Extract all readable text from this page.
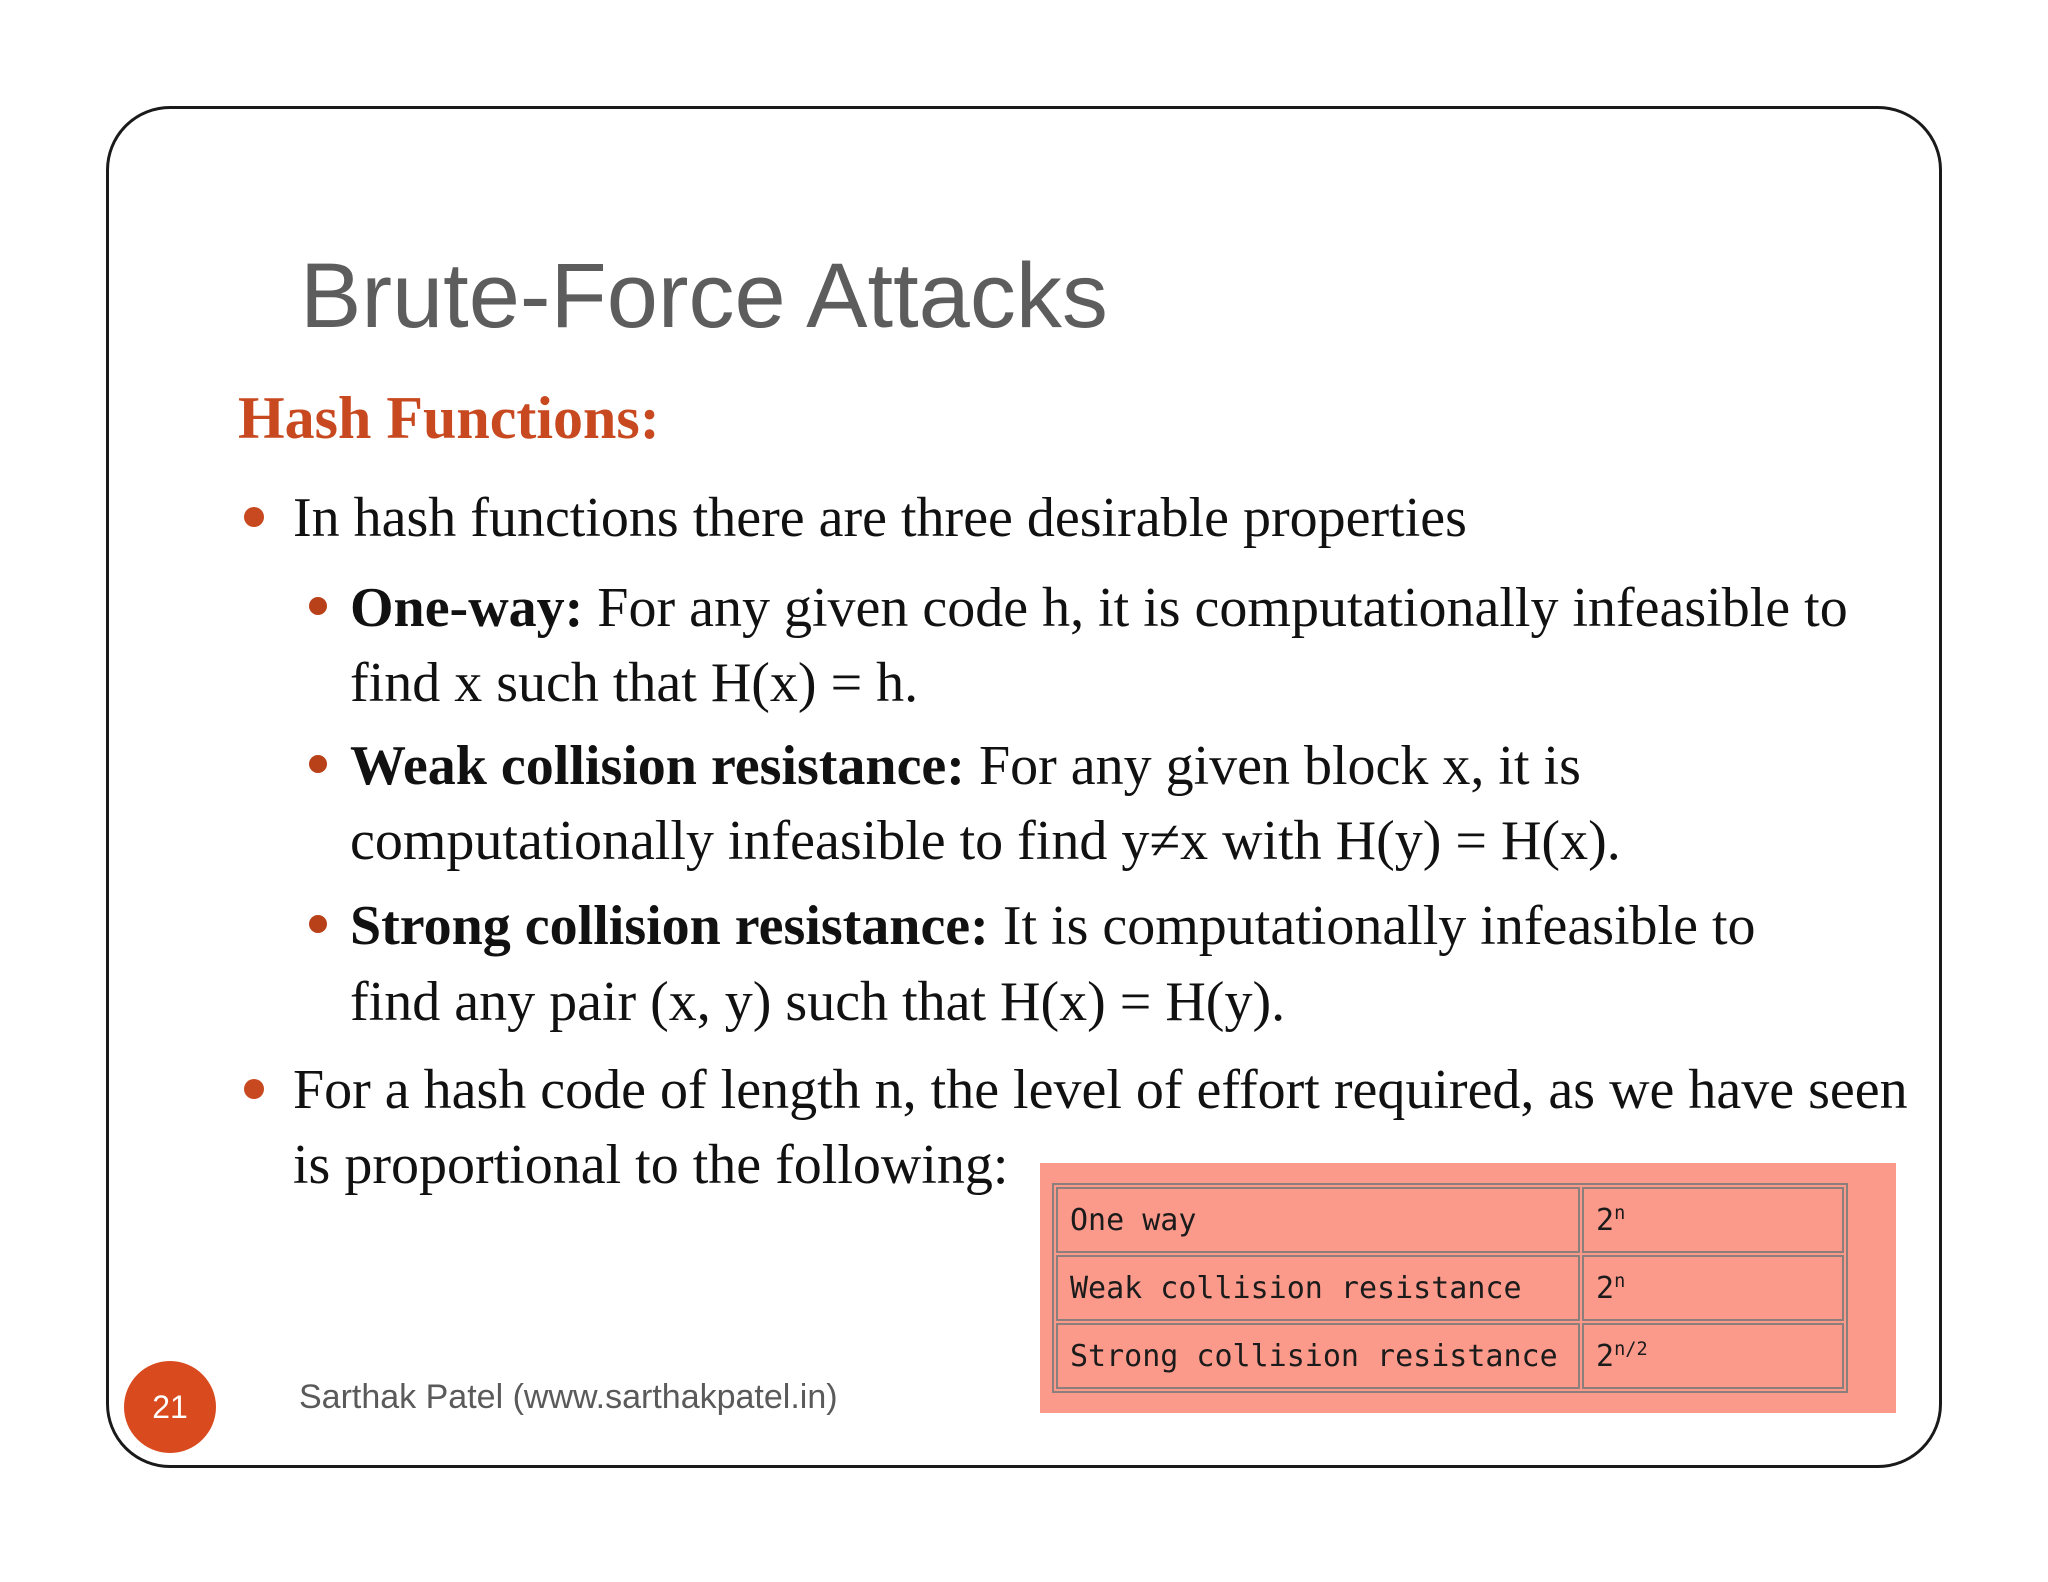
Brute-Force Attacks
Hash Functions:
In hash functions there are three desirable properties
One-way: For any given code h, it is computationally infeasible to
find x such that H(x) = h.
Weak collision resistance: For any given block x, it is
computationally infeasible to find y≠x with H(y) = H(x).
Strong collision resistance: It is computationally infeasible to
find any pair (x, y) such that H(x) = H(y).
For a hash code of length n, the level of effort required, as we have seen
is proportional to the following:
One way	2$^n$
Weak collision resistance	2$^n$
Strong collision resistance	$2^{n/2}$
21	Sarthak Patel (www.sarthakpatel.in)
